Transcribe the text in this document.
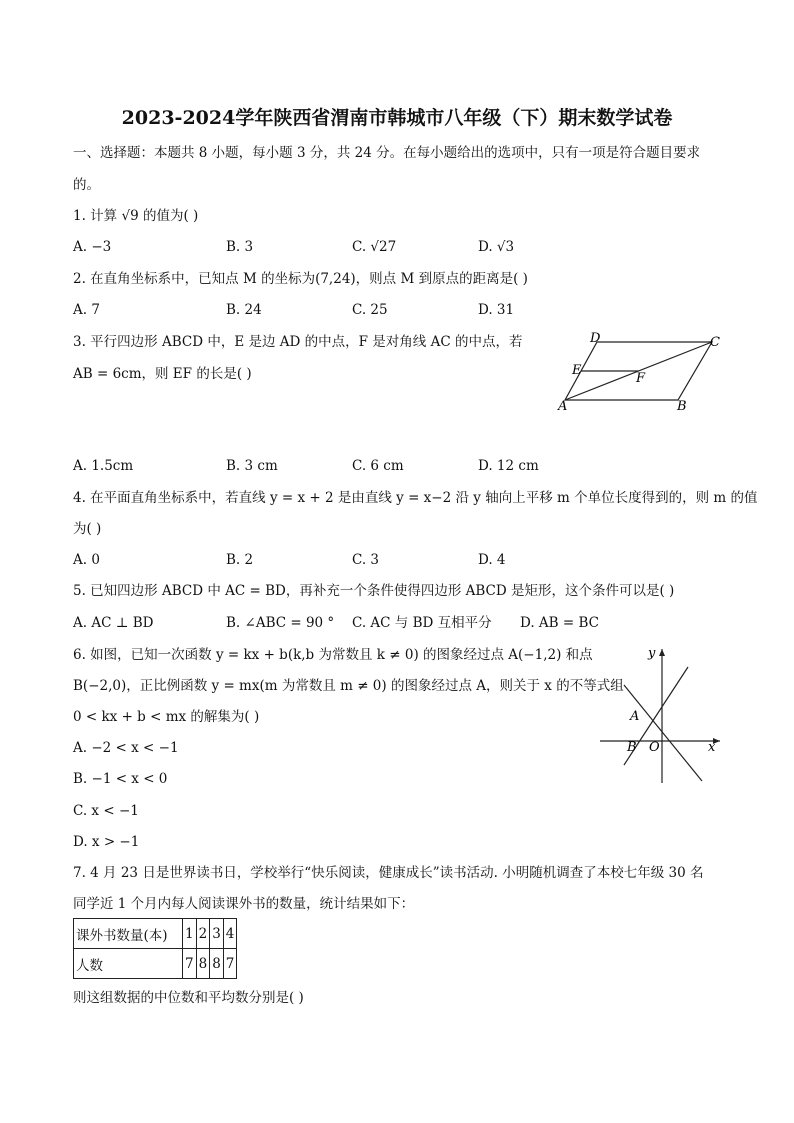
2023-2024学年陕西省渭南市韩城市八年级（下）期末数学试卷
一、选择题：本题共 8 小题，每小题 3 分，共 24 分。在每小题给出的选项中，只有一项是符合题目要求
的。
1. 计算 √9 的值为( )
A. −3	B. 3	C. √27	D. √3
2. 在直角坐标系中，已知点 M 的坐标为(7,24)，则点 M 到原点的距离是( )
A. 7	B. 24	C. 25	D. 31
3. 平行四边形 ABCD 中，E 是边 AD 的中点，F 是对角线 AC 的中点，若
AB = 6cm，则 EF 的长是( )
A	B
C
D
E
F
A. 1.5cm	B. 3 cm	C. 6 cm	D. 12 cm
4. 在平面直角坐标系中，若直线 y = x + 2 是由直线 y = x−2 沿 y 轴向上平移 m 个单位长度得到的，则 m 的值
为( )
A. 0	B. 2	C. 3	D. 4
5. 已知四边形 ABCD 中 AC = BD，再补充一个条件使得四边形 ABCD 是矩形，这个条件可以是( )
A. AC ⊥ BD	B. ∠ABC = 90 ° C. AC 与 BD 互相平分 D. AB = BC
6. 如图，已知一次函数 y = kx + b(k,b 为常数且 k ≠ 0) 的图象经过点 A(−1,2) 和点
B(−2,0)，正比例函数 y = mx(m 为常数且 m ≠ 0) 的图象经过点 A，则关于 x 的不等式组
0 < kx + b < mx 的解集为( )
A. −2 < x < −1
B. −1 < x < 0
C. x < −1
D. x > −1
y
x
A
B O
7. 4 月 23 日是世界读书日，学校举行“快乐阅读，健康成长”读书活动. 小明随机调查了本校七年级 30 名
同学近 1 个月内每人阅读课外书的数量，统计结果如下：
课外书数量(本)	1	2	3	4
人数	7	8	8	7
则这组数据的中位数和平均数分别是( )
